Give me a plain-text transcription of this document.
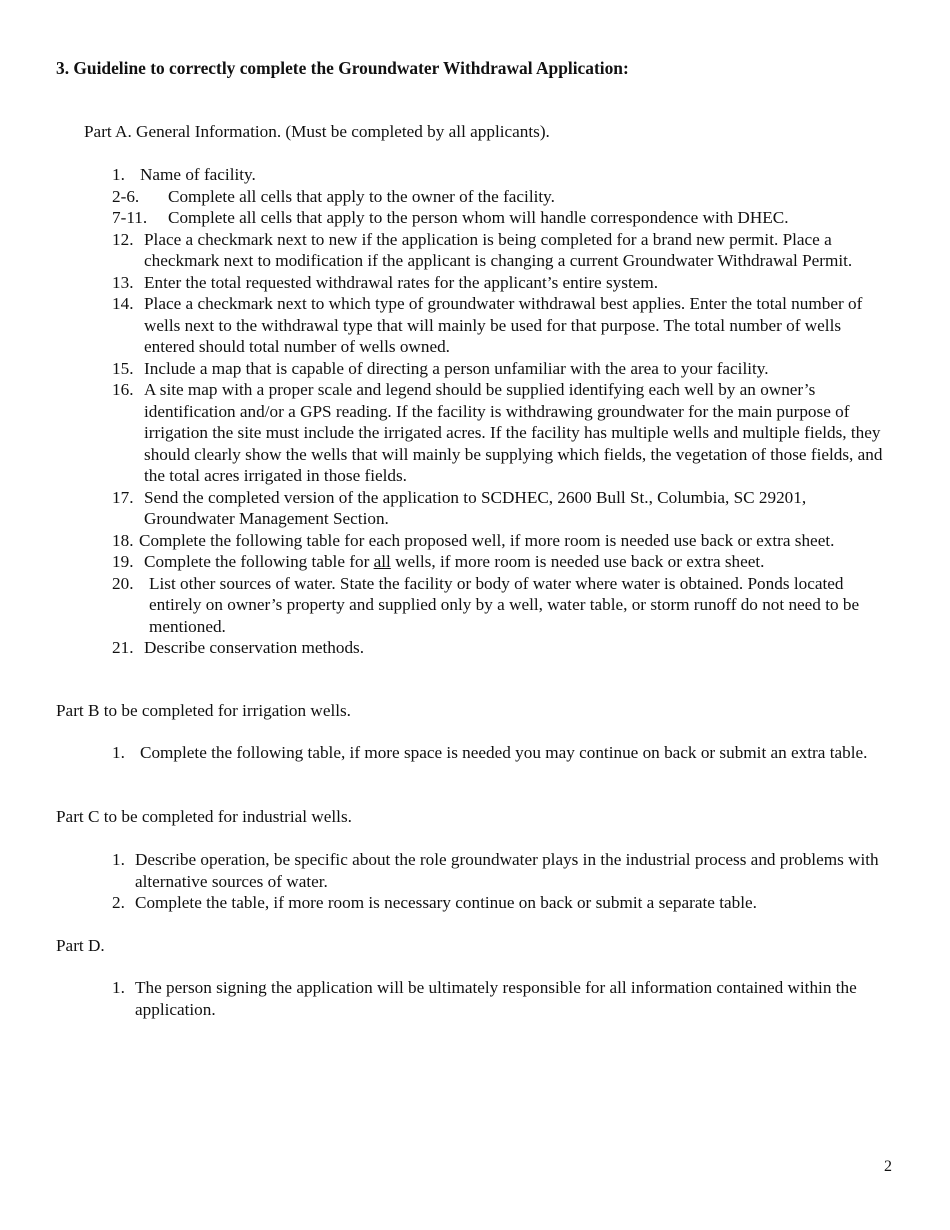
3. Guideline to correctly complete the Groundwater Withdrawal Application:
Part A. General Information. (Must be completed by all applicants).
1. Name of facility.
2-6.	Complete all cells that apply to the owner of the facility.
7-11.	Complete all cells that apply to the person whom will handle correspondence with DHEC.
12. Place a checkmark next to new if the application is being completed for a brand new permit. Place a checkmark next to modification if the applicant is changing a current Groundwater Withdrawal Permit.
13. Enter the total requested withdrawal rates for the applicant’s entire system.
14. Place a checkmark next to which type of groundwater withdrawal best applies. Enter the total number of wells next to the withdrawal type that will mainly be used for that purpose. The total number of wells entered should total number of wells owned.
15. Include a map that is capable of directing a person unfamiliar with the area to your facility.
16. A site map with a proper scale and legend should be supplied identifying each well by an owner’s identification and/or a GPS reading. If the facility is withdrawing groundwater for the main purpose of irrigation the site must include the irrigated acres. If the facility has multiple wells and multiple fields, they should clearly show the wells that will mainly be supplying which fields, the vegetation of those fields, and the total acres irrigated in those fields.
17. Send the completed version of the application to SCDHEC, 2600 Bull St., Columbia, SC 29201, Groundwater Management Section.
18. Complete the following table for each proposed well, if more room is needed use back or extra sheet.
19. Complete the following table for all wells, if more room is needed use back or extra sheet.
20. List other sources of water. State the facility or body of water where water is obtained. Ponds located entirely on owner’s property and supplied only by a well, water table, or storm runoff do not need to be mentioned.
21. Describe conservation methods.
Part B to be completed for irrigation wells.
1. Complete the following table, if more space is needed you may continue on back or submit an extra table.
Part C to be completed for industrial wells.
1. Describe operation, be specific about the role groundwater plays in the industrial process and problems with alternative sources of water.
2. Complete the table, if more room is necessary continue on back or submit a separate table.
Part D.
1. The person signing the application will be ultimately responsible for all information contained within the application.
2
